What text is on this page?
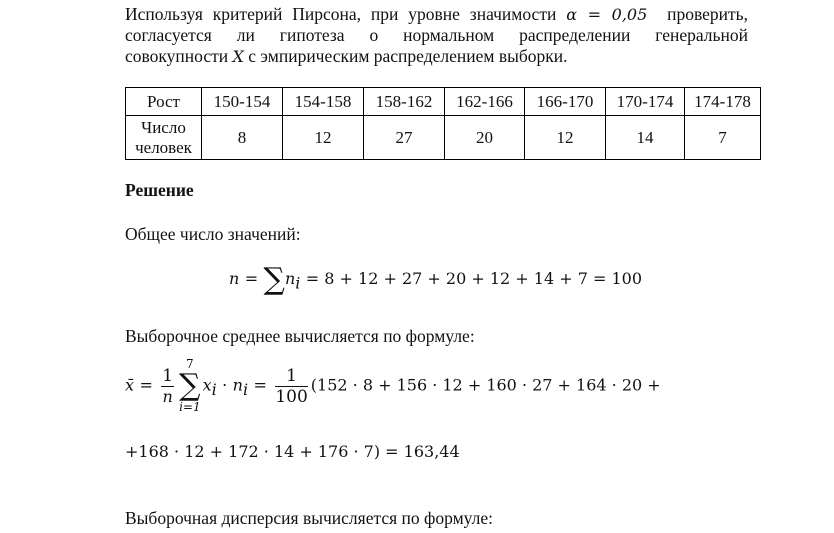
Используя критерий Пирсона, при уровне значимости α = 0,05 проверить,
согласуется ли гипотеза о нормальном распределении генеральной
совокупности X с эмпирическим распределением выборки.
Рост	150-154	154-158	158-162	162-166	166-170	170-174	174-178

Число
человек	8	12	27	20	12	14	7

Решение

Общее число значений:

$n = \sum n_i = 8 + 12 + 27 + 20 + 12 + 14 + 7 = 100$

Выборочное среднее вычисляется по формуле:

x̄ = $\frac{1}{n}$
7
∑
i=1
$x_i \cdot n_i = \frac{1}{100} (152 \cdot 8 + 156 \cdot 12 + 160 \cdot 27 + 164 \cdot 20$ +
+168 · 12 + 172 · 14 + 176 · 7) = 163,44

Выборочная дисперсия вычисляется по формуле:
